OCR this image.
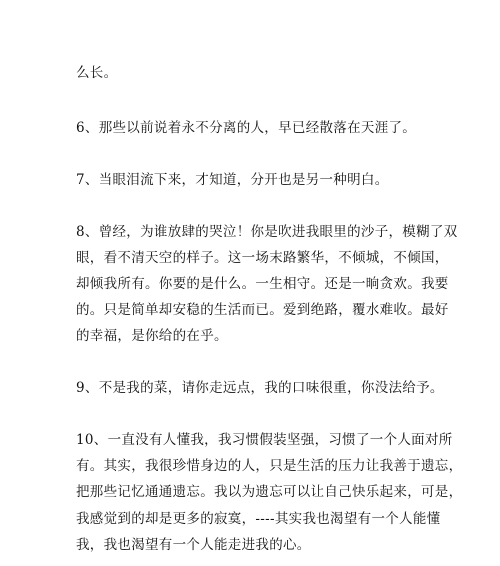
么长。

6、那些以前说着永不分离的人，早已经散落在天涯了。

7、当眼泪流下来，才知道，分开也是另一种明白。

8、曾经，为谁放肆的哭泣！你是吹进我眼里的沙子，模糊了双

眼，看不清天空的样子。这一场末路繁华，不倾城，不倾国，

却倾我所有。你要的是什么。一生相守。还是一晌贪欢。我要

的。只是简单却安稳的生活而已。爱到绝路，覆水难收。最好

的幸福，是你给的在乎。

9、不是我的菜，请你走远点，我的口味很重，你没法给予。

10、一直没有人懂我，我习惯假装坚强，习惯了一个人面对所

有。其实，我很珍惜身边的人，只是生活的压力让我善于遗忘，

把那些记忆通通遗忘。我以为遗忘可以让自己快乐起来，可是，

我感觉到的却是更多的寂寞，----其实我也渴望有一个人能懂

我，我也渴望有一个人能走进我的心。
